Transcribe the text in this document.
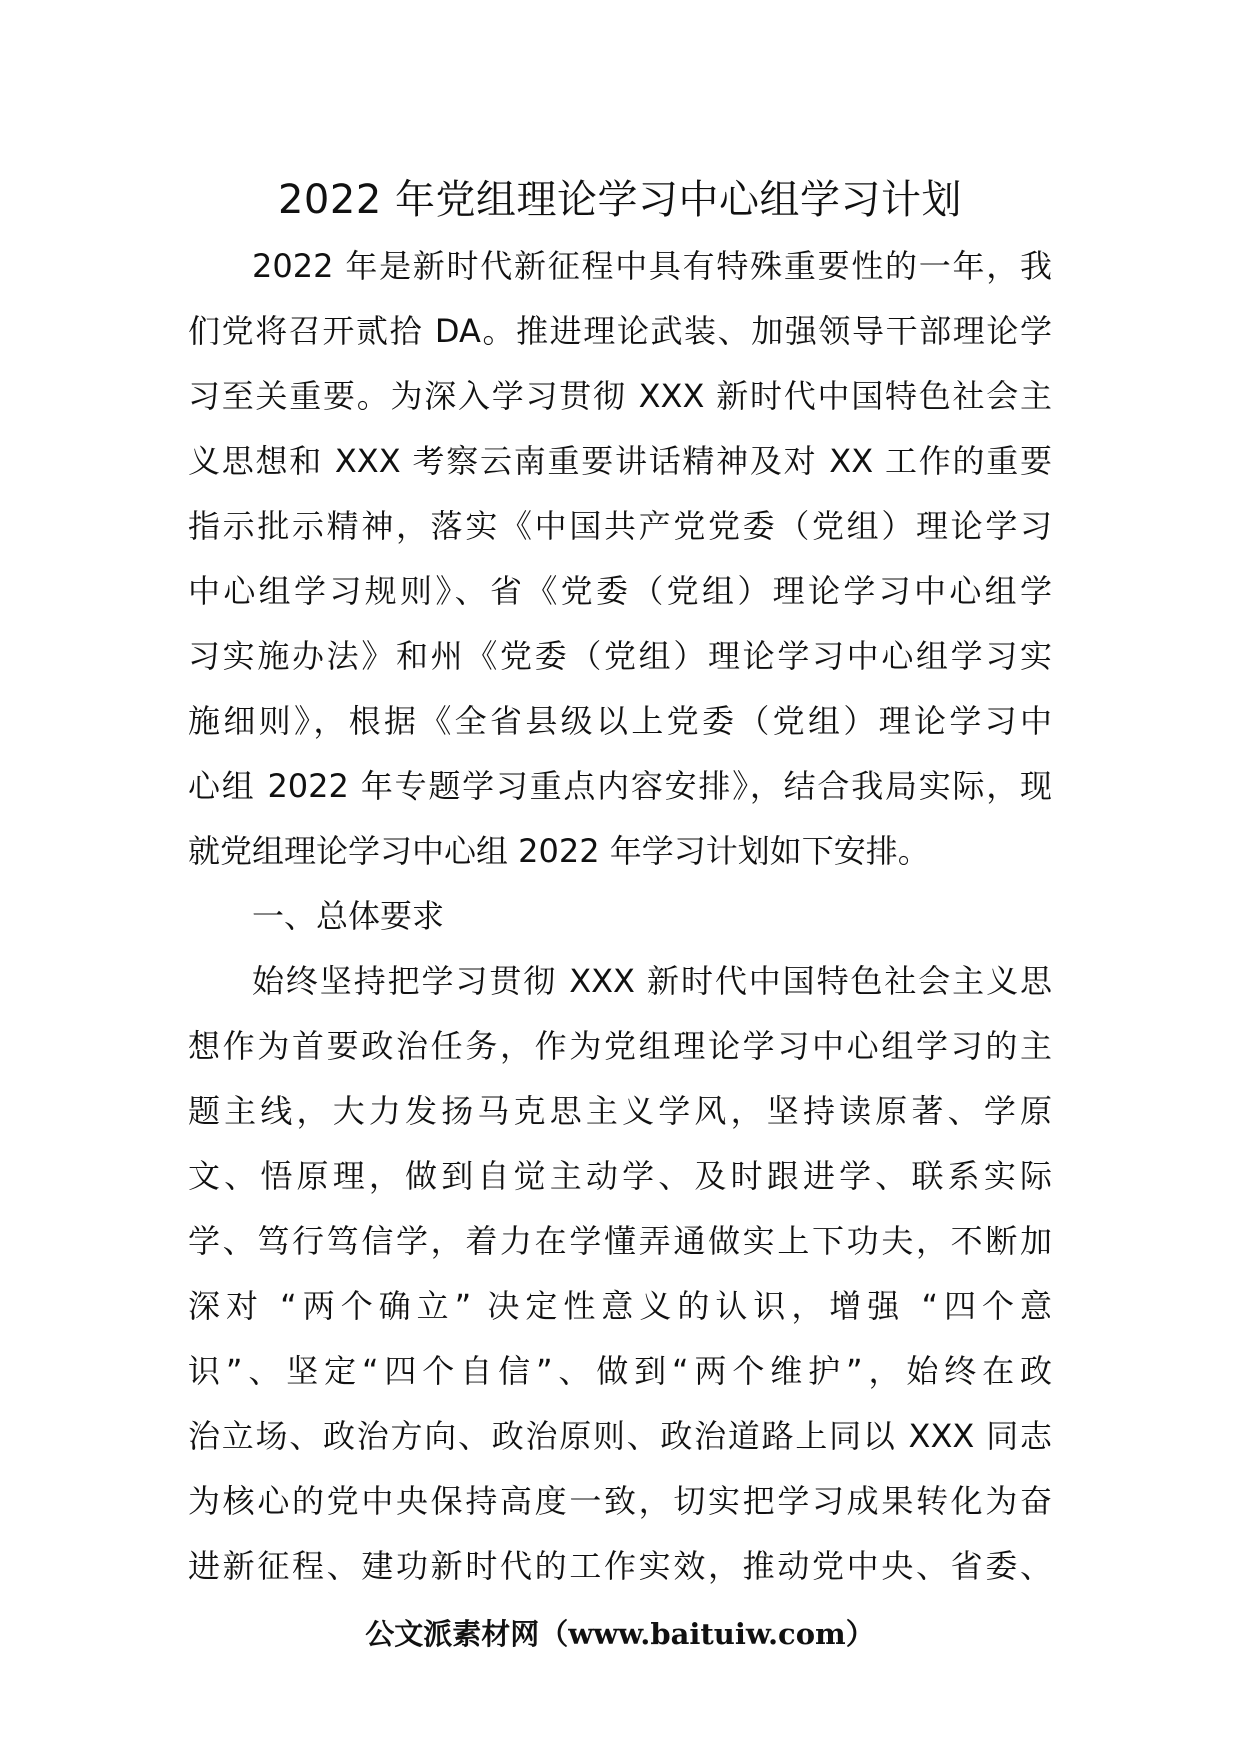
2022 年党组理论学习中心组学习计划
2022 年是新时代新征程中具有特殊重要性的一年，我
们党将召开贰拾 DA。推进理论武装、加强领导干部理论学
习至关重要。为深入学习贯彻 XXX 新时代中国特色社会主
义思想和 XXX 考察云南重要讲话精神及对 XX 工作的重要
指示批示精神，落实《中国共产党党委（党组）理论学习
中心组学习规则》、省《党委（党组）理论学习中心组学
习实施办法》和州《党委（党组）理论学习中心组学习实
施细则》，根据《全省县级以上党委（党组）理论学习中
心组 2022 年专题学习重点内容安排》，结合我局实际，现
就党组理论学习中心组 2022 年学习计划如下安排。
一、总体要求
始终坚持把学习贯彻 XXX 新时代中国特色社会主义思
想作为首要政治任务，作为党组理论学习中心组学习的主
题主线，大力发扬马克思主义学风，坚持读原著、学原
文、悟原理，做到自觉主动学、及时跟进学、联系实际
学、笃行笃信学，着力在学懂弄通做实上下功夫，不断加
深对 “两个确立” 决定性意义的认识，增强 “四个意
识”、坚定“四个自信”、做到“两个维护”，始终在政
治立场、政治方向、政治原则、政治道路上同以 XXX 同志
为核心的党中央保持高度一致，切实把学习成果转化为奋
进新征程、建功新时代的工作实效，推动党中央、省委、
公文派素材网（www.baituiw.com）
